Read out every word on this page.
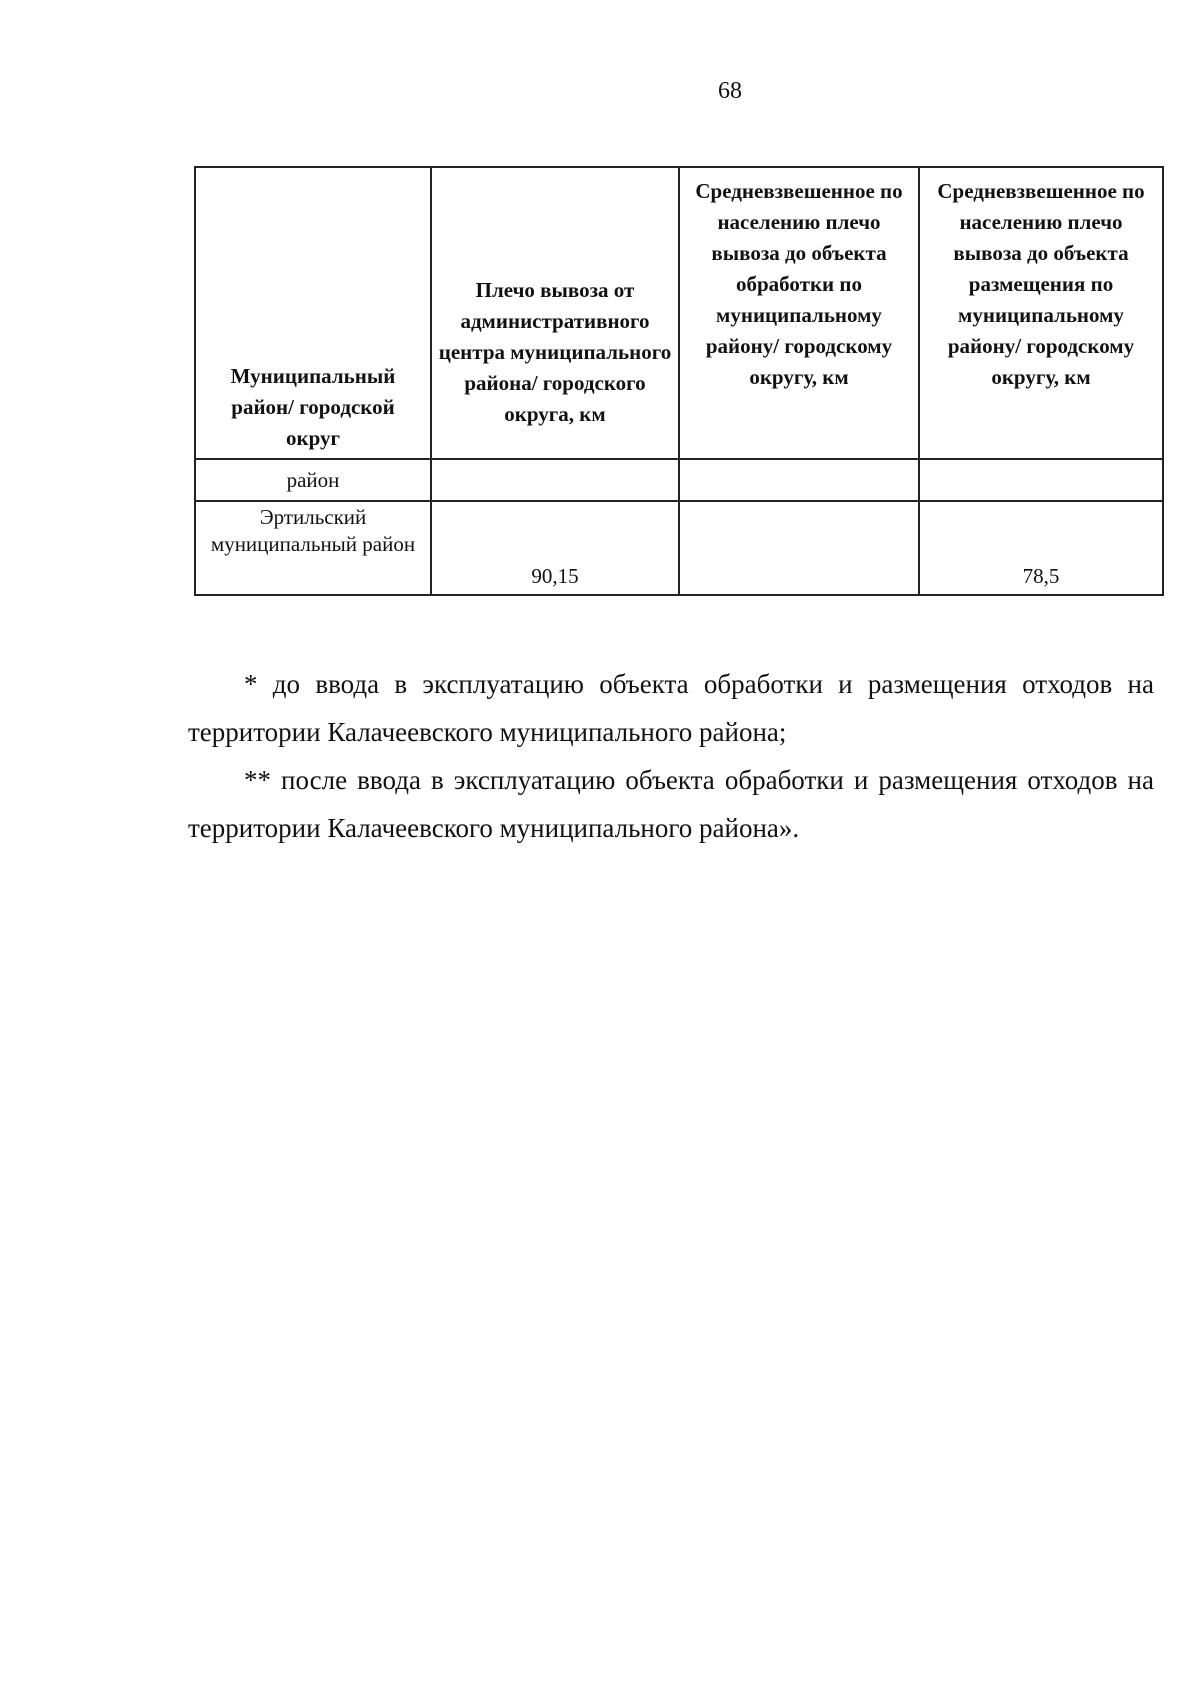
68
Муниципальный район/ городской округ	Плечо вывоза от административного центра муниципального района/ городского округа, км	Средневзвешенное по населению плечо вывоза до объекта обработки по муниципальному району/ городскому округу, км	Средневзвешенное по населению плечо вывоза до объекта размещения по муниципальному району/ городскому округу, км
район			
Эртильский муниципальный район	90,15		78,5

* до ввода в эксплуатацию объекта обработки и размещения отходов на территории Калачеевского муниципального района;

** после ввода в эксплуатацию объекта обработки и размещения отходов на территории Калачеевского муниципального района».
